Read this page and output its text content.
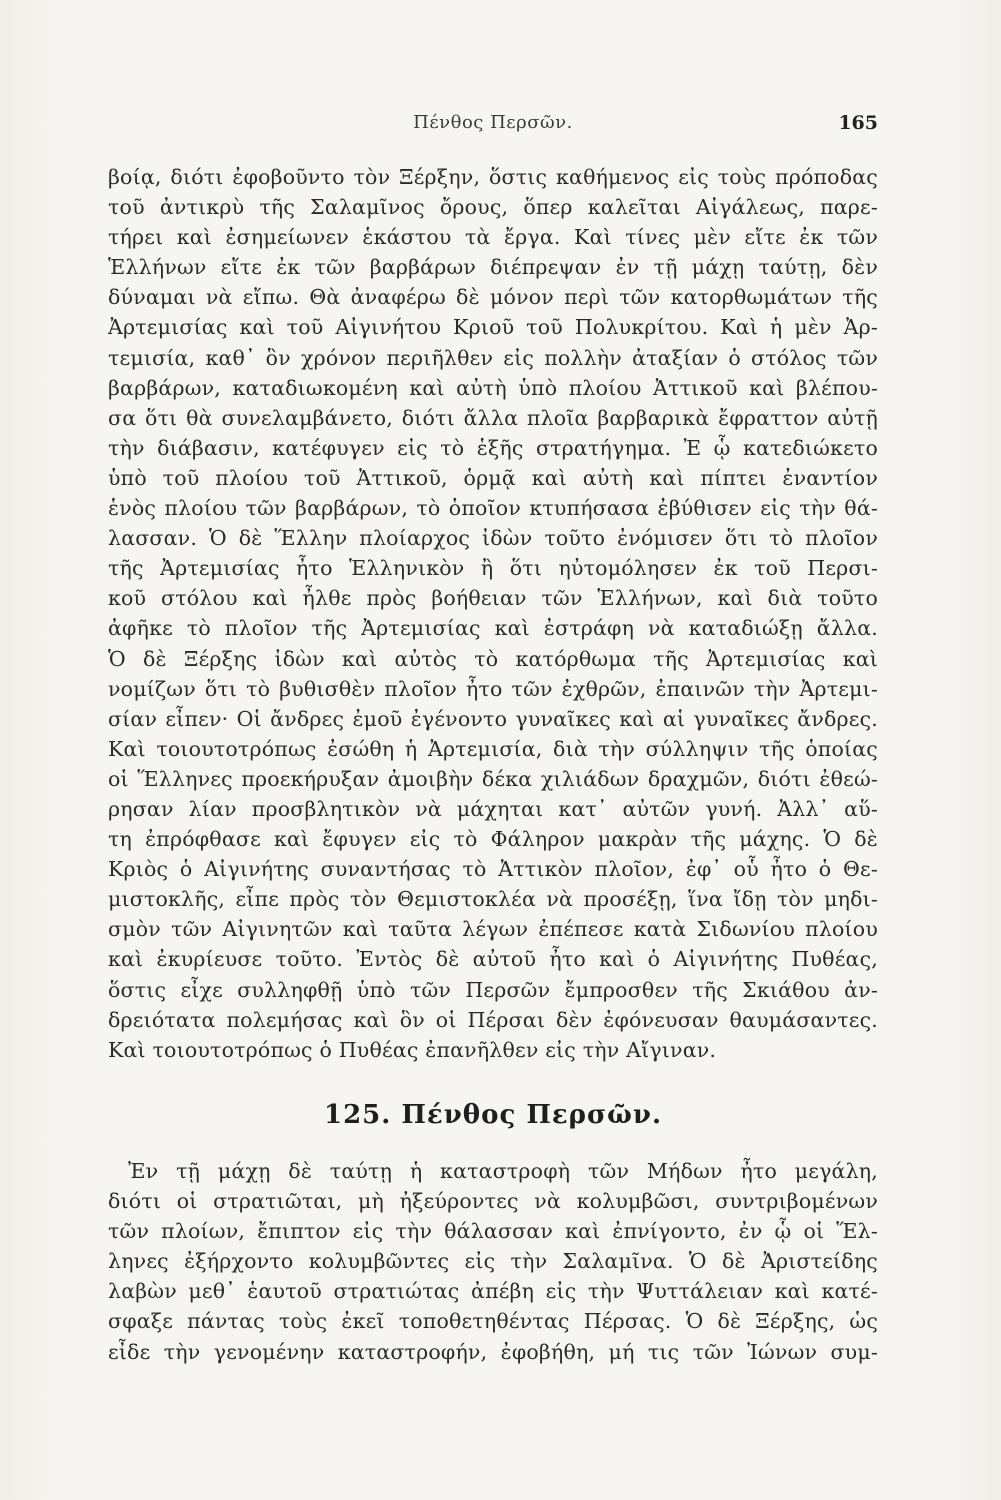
Πένθος Περσῶν.	165
βοίᾳ, διότι ἐφοβοῦντο τὸν Ξέρξην, ὅστις καθήμενος εἰς τοὺς πρόποδας
τοῦ ἀντικρὺ τῆς Σαλαμῖνος ὄρους, ὅπερ καλεῖται Αἰγάλεως, παρε-
τήρει καὶ ἐσημείωνεν ἑκάστου τὰ ἔργα. Καὶ τίνες μὲν εἴτε ἐκ τῶν
Ἑλλήνων εἴτε ἐκ τῶν βαρβάρων διέπρεψαν ἐν τῇ μάχῃ ταύτῃ, δὲν
δύναμαι νὰ εἴπω. Θὰ ἀναφέρω δὲ μόνον περὶ τῶν κατορθωμάτων τῆς
Ἀρτεμισίας καὶ τοῦ Αἰγινήτου Κριοῦ τοῦ Πολυκρίτου. Καὶ ἡ μὲν Ἀρ-
τεμισία, καθ᾽ ὃν χρόνον περιῆλθεν εἰς πολλὴν ἀταξίαν ὁ στόλος τῶν
βαρβάρων, καταδιωκομένη καὶ αὐτὴ ὑπὸ πλοίου Ἀττικοῦ καὶ βλέπου-
σα ὅτι θὰ συνελαμβάνετο, διότι ἄλλα πλοῖα βαρβαρικὰ ἔφραττον αὐτῇ
τὴν διάβασιν, κατέφυγεν εἰς τὸ ἑξῆς στρατήγημα. Ἐ ᾧ κατεδιώκετο
ὑπὸ τοῦ πλοίου τοῦ Ἀττικοῦ, ὁρμᾷ καὶ αὐτὴ καὶ πίπτει ἐναντίον
ἑνὸς πλοίου τῶν βαρβάρων, τὸ ὁποῖον κτυπήσασα ἐβύθισεν εἰς τὴν θά-
λασσαν. Ὁ δὲ Ἕλλην πλοίαρχος ἰδὼν τοῦτο ἐνόμισεν ὅτι τὸ πλοῖον
τῆς Ἀρτεμισίας ἦτο Ἑλληνικὸν ἢ ὅτι ηὐτομόλησεν ἐκ τοῦ Περσι-
κοῦ στόλου καὶ ἦλθε πρὸς βοήθειαν τῶν Ἑλλήνων, καὶ διὰ τοῦτο
ἀφῆκε τὸ πλοῖον τῆς Ἀρτεμισίας καὶ ἐστράφη νὰ καταδιώξῃ ἄλλα.
Ὁ δὲ Ξέρξης ἰδὼν καὶ αὐτὸς τὸ κατόρθωμα τῆς Ἀρτεμισίας καὶ
νομίζων ὅτι τὸ βυθισθὲν πλοῖον ἦτο τῶν ἐχθρῶν, ἐπαινῶν τὴν Ἀρτεμι-
σίαν εἶπεν· Οἱ ἄνδρες ἐμοῦ ἐγένοντο γυναῖκες καὶ αἱ γυναῖκες ἄνδρες.
Καὶ τοιουτοτρόπως ἐσώθη ἡ Ἀρτεμισία, διὰ τὴν σύλληψιν τῆς ὁποίας
οἱ Ἕλληνες προεκήρυξαν ἀμοιβὴν δέκα χιλιάδων δραχμῶν, διότι ἐθεώ-
ρησαν λίαν προσβλητικὸν νὰ μάχηται κατ᾽ αὐτῶν γυνή. Ἀλλ᾽ αὕ-
τη ἐπρόφθασε καὶ ἔφυγεν εἰς τὸ Φάληρον μακρὰν τῆς μάχης. Ὁ δὲ
Κριὸς ὁ Αἰγινήτης συναντήσας τὸ Ἀττικὸν πλοῖον, ἐφ᾽ οὗ ἦτο ὁ Θε-
μιστοκλῆς, εἶπε πρὸς τὸν Θεμιστοκλέα νὰ προσέξῃ, ἵνα ἴδῃ τὸν μηδι-
σμὸν τῶν Αἰγινητῶν καὶ ταῦτα λέγων ἐπέπεσε κατὰ Σιδωνίου πλοίου
καὶ ἐκυρίευσε τοῦτο. Ἐντὸς δὲ αὐτοῦ ἦτο καὶ ὁ Αἰγινήτης Πυθέας,
ὅστις εἶχε συλληφθῇ ὑπὸ τῶν Περσῶν ἔμπροσθεν τῆς Σκιάθου ἀν-
δρειότατα πολεμήσας καὶ ὃν οἱ Πέρσαι δὲν ἐφόνευσαν θαυμάσαντες.
Καὶ τοιουτοτρόπως ὁ Πυθέας ἐπανῆλθεν εἰς τὴν Αἴγιναν.
125. Πένθος Περσῶν.
Ἐν τῇ μάχῃ δὲ ταύτῃ ἡ καταστροφὴ τῶν Μήδων ἦτο μεγάλη,
διότι οἱ στρατιῶται, μὴ ἠξεύροντες νὰ κολυμβῶσι, συντριβομένων
τῶν πλοίων, ἔπιπτον εἰς τὴν θάλασσαν καὶ ἐπνίγοντο, ἐν ᾧ οἱ Ἕλ-
ληνες ἐξήρχοντο κολυμβῶντες εἰς τὴν Σαλαμῖνα. Ὁ δὲ Ἀριστείδης
λαβὼν μεθ᾽ ἑαυτοῦ στρατιώτας ἀπέβη εἰς τὴν Ψυττάλειαν καὶ κατέ-
σφαξε πάντας τοὺς ἐκεῖ τοποθετηθέντας Πέρσας. Ὁ δὲ Ξέρξης, ὡς
εἶδε τὴν γενομένην καταστροφήν, ἐφοβήθη, μή τις τῶν Ἰώνων συμ-
